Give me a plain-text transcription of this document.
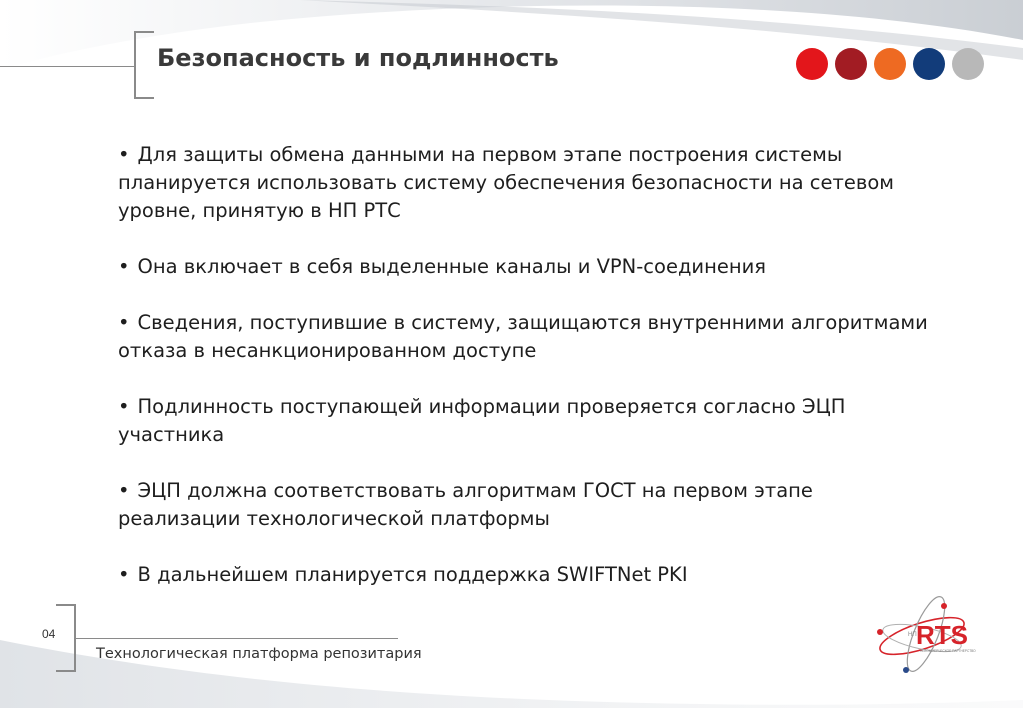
Безопасность и подлинность
• Для защиты обмена данными на первом этапе построения системы планируется использовать систему обеспечения безопасности на сетевом уровне, принятую в НП РТС
• Она включает в себя выделенные каналы и VPN-соединения
• Сведения, поступившие в систему, защищаются внутренними алгоритмами отказа в несанкционированном доступе
• Подлинность поступающей информации проверяется согласно ЭЦП участника
• ЭЦП должна соответствовать алгоритмам ГОСТ на первом этапе реализации технологической платформы
• В дальнейшем планируется поддержка SWIFTNet PKI
04
Технологическая платформа репозитария
НП RTS
НЕКОММЕРЧЕСКОЕ ПАРТНЕРСТВО
